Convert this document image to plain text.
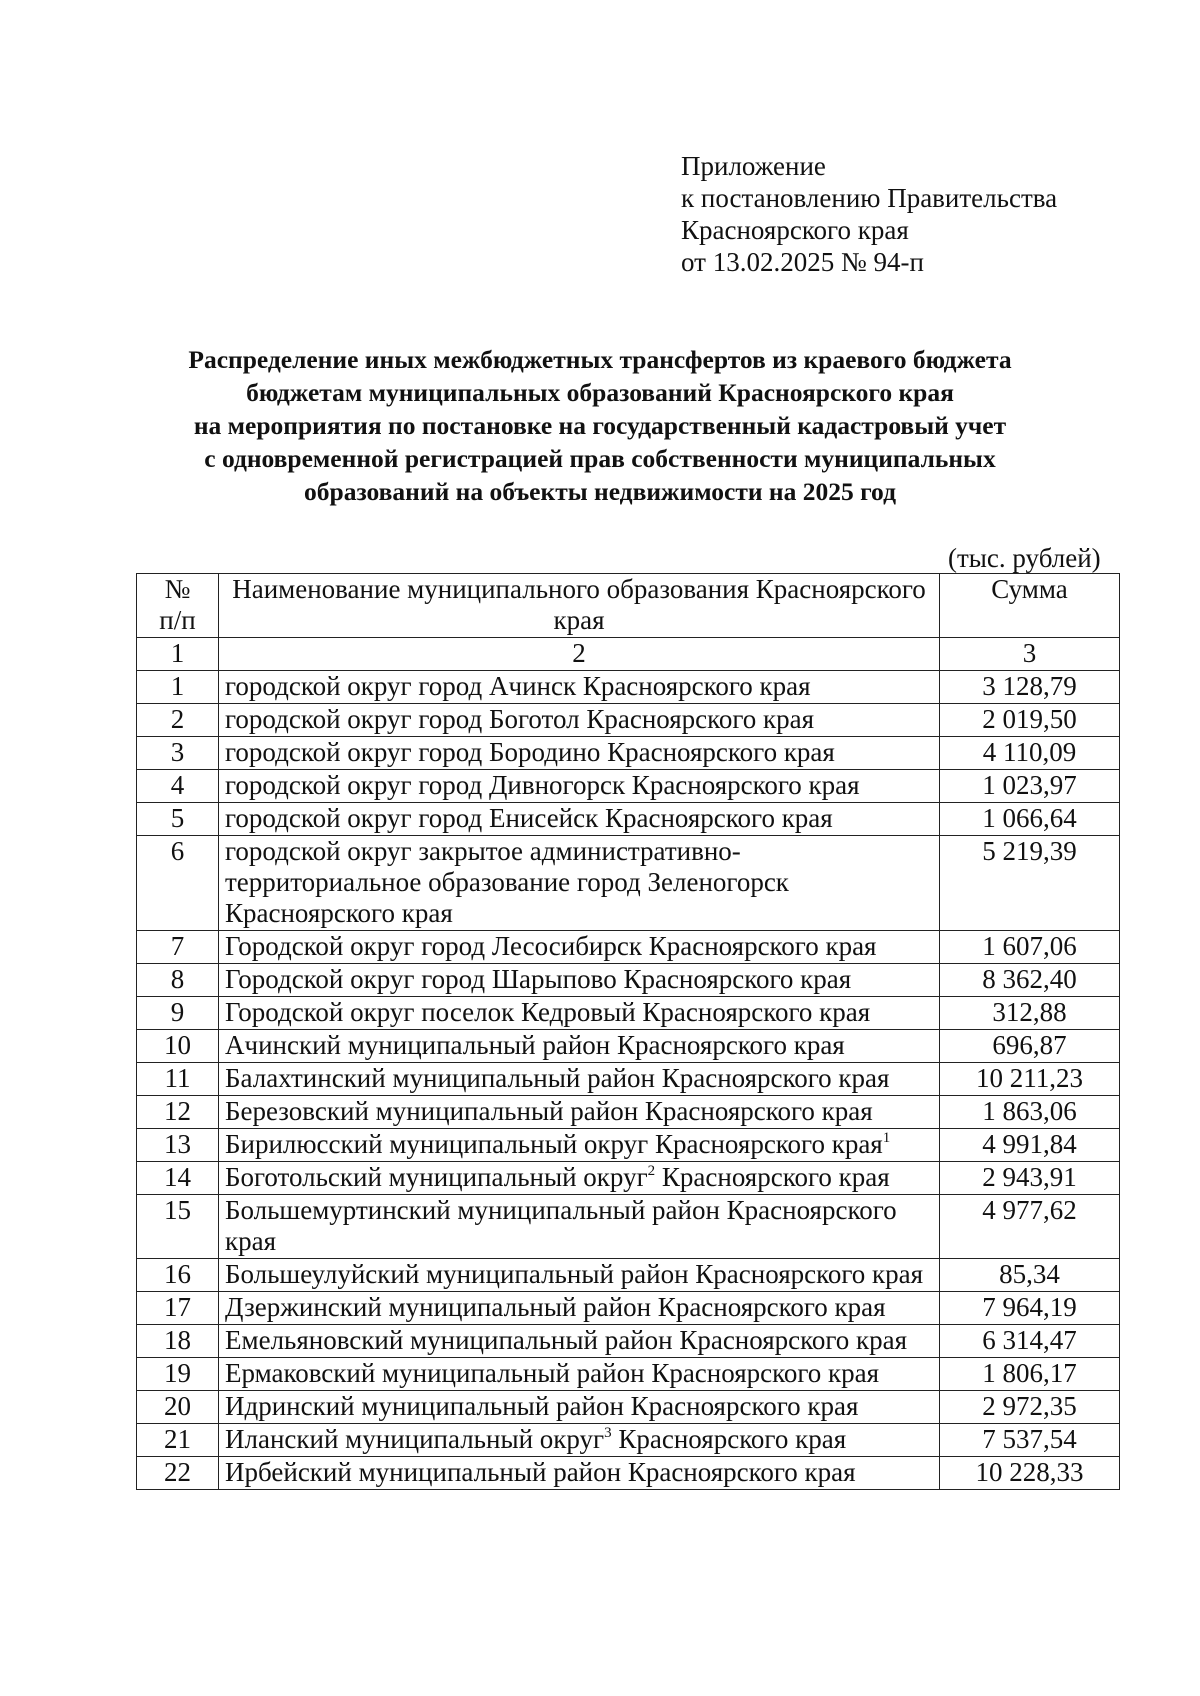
Приложение
к постановлению Правительства
Красноярского края
от 13.02.2025 № 94-п
Распределение иных межбюджетных трансфертов из краевого бюджета
бюджетам муниципальных образований Красноярского края
на мероприятия по постановке на государственный кадастровый учет
с одновременной регистрацией прав собственности муниципальных
образований на объекты недвижимости на 2025 год
(тыс. рублей)
№
п/п	Наименование муниципального образования Красноярского края	Сумма
1	2	3
1	городской округ город Ачинск Красноярского края	3 128,79
2	городской округ город Боготол Красноярского края	2 019,50
3	городской округ город Бородино Красноярского края	4 110,09
4	городской округ город Дивногорск Красноярского края	1 023,97
5	городской округ город Енисейск Красноярского края	1 066,64
6	городской округ закрытое административно-территориальное образование город Зеленогорск Красноярского края	5 219,39
7	Городской округ город Лесосибирск Красноярского края	1 607,06
8	Городской округ город Шарыпово Красноярского края	8 362,40
9	Городской округ поселок Кедровый Красноярского края	312,88
10	Ачинский муниципальный район Красноярского края	696,87
11	Балахтинский муниципальный район Красноярского края	10 211,23
12	Березовский муниципальный район Красноярского края	1 863,06
13	Бирилюсский муниципальный округ Красноярского края$^1$	4 991,84
14	Боготольский муниципальный округ$^2$ Красноярского края	2 943,91
15	Большемуртинский муниципальный район Красноярского края	4 977,62
16	Большеулуйский муниципальный район Красноярского края	85,34
17	Дзержинский муниципальный район Красноярского края	7 964,19
18	Емельяновский муниципальный район Красноярского края	6 314,47
19	Ермаковский муниципальный район Красноярского края	1 806,17
20	Идринский муниципальный район Красноярского края	2 972,35
21	Иланский муниципальный округ$^3$ Красноярского края	7 537,54
22	Ирбейский муниципальный район Красноярского края	10 228,33
